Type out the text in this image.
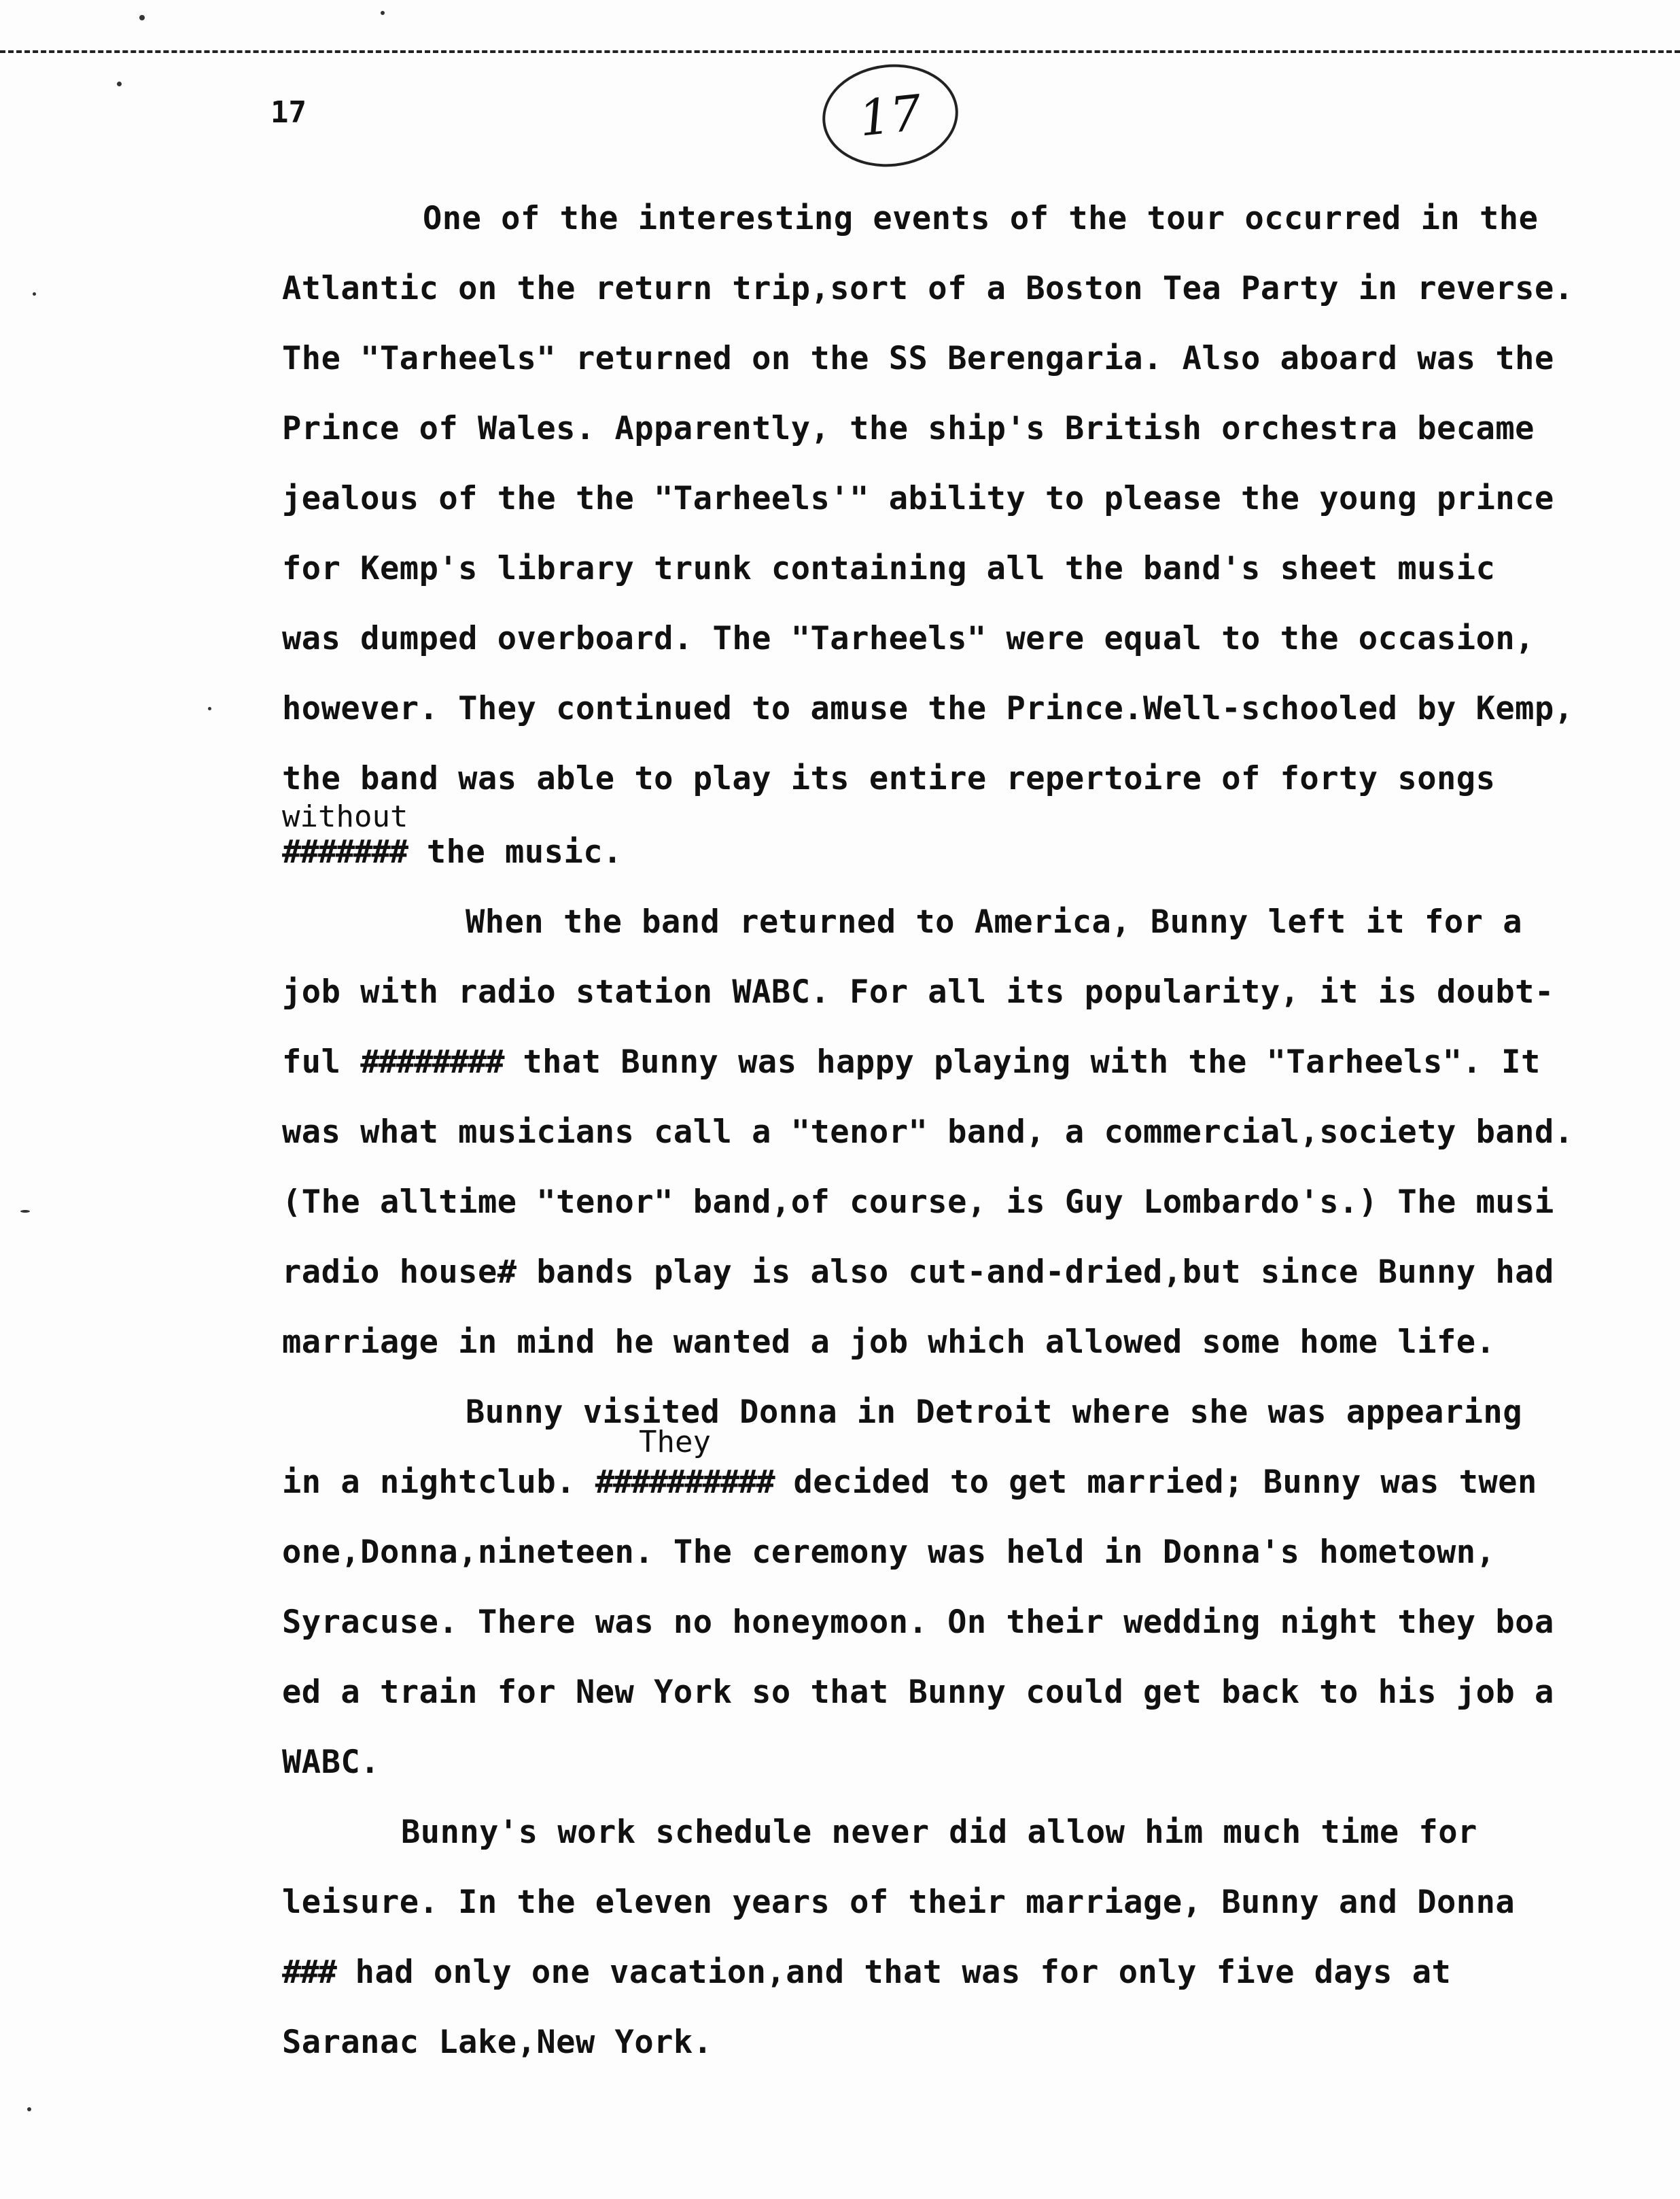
17	17
One of the interesting events of the tour occurred in the
Atlantic on the return trip,sort of a Boston Tea Party in reverse.
The "Tarheels" returned on the SS Berengaria. Also aboard was the
Prince of Wales. Apparently, the ship's British orchestra became
jealous of the the "Tarheels'" ability to please the young prince
for Kemp's library trunk containing all the band's sheet music
was dumped overboard. The "Tarheels" were equal to the occasion,
however. They continued to amuse the Prince.Well-schooled by Kemp,
the band was able to play its entire repertoire of forty songs
without
####### the music.
When the band returned to America, Bunny left it for a
job with radio station WABC. For all its popularity, it is doubt-
ful ######## that Bunny was happy playing with the "Tarheels". It
was what musicians call a "tenor" band, a commercial,society band.
(The alltime "tenor" band,of course, is Guy Lombardo's.) The musi
radio house# bands play is also cut-and-dried,but since Bunny had
marriage in mind he wanted a job which allowed some home life.
Bunny visited Donna in Detroit where she was appearing
They
in a nightclub. ########## decided to get married; Bunny was twen
one,Donna,nineteen. The ceremony was held in Donna's hometown,
Syracuse. There was no honeymoon. On their wedding night they boa
ed a train for New York so that Bunny could get back to his job a
WABC.
Bunny's work schedule never did allow him much time for
leisure. In the eleven years of their marriage, Bunny and Donna
### had only one vacation,and that was for only five days at
Saranac Lake,New York.
